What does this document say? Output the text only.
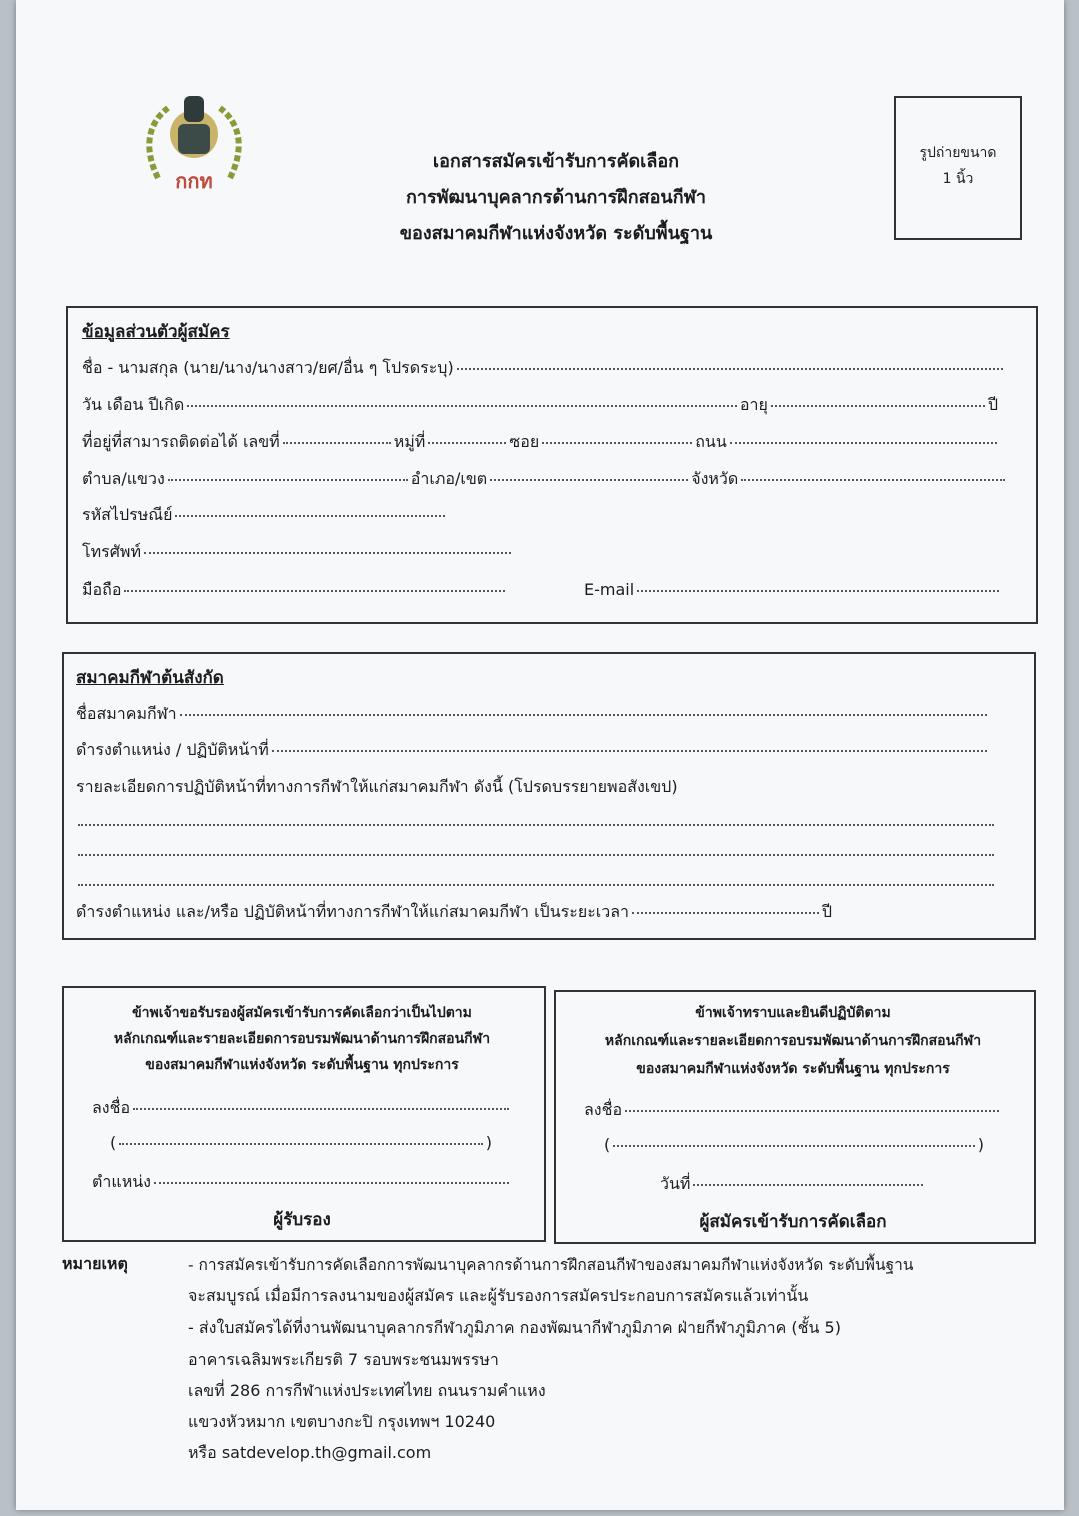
กกท
เอกสารสมัครเข้ารับการคัดเลือก
การพัฒนาบุคลากรด้านการฝึกสอนกีฬา
ของสมาคมกีฬาแห่งจังหวัด ระดับพื้นฐาน
รูปถ่ายขนาด
1 นิ้ว
ข้อมูลส่วนตัวผู้สมัคร
ชื่อ - นามสกุล (นาย/นาง/นางสาว/ยศ/อื่น ๆ โปรดระบุ)
วัน เดือน ปีเกิด	อายุ	ปี
ที่อยู่ที่สามารถติดต่อได้ เลขที่	หมู่ที่	ซอย	ถนน
ตำบล/แขวง	อำเภอ/เขต	จังหวัด
รหัสไปรษณีย์
โทรศัพท์
มือถือ	E-mail
สมาคมกีฬาต้นสังกัด
ชื่อสมาคมกีฬา
ดำรงตำแหน่ง / ปฏิบัติหน้าที่
รายละเอียดการปฏิบัติหน้าที่ทางการกีฬาให้แก่สมาคมกีฬา ดังนี้ (โปรดบรรยายพอสังเขป)
ดำรงตำแหน่ง และ/หรือ ปฏิบัติหน้าที่ทางการกีฬาให้แก่สมาคมกีฬา เป็นระยะเวลา	ปี
ข้าพเจ้าขอรับรองผู้สมัครเข้ารับการคัดเลือกว่าเป็นไปตาม
หลักเกณฑ์และรายละเอียดการอบรมพัฒนาด้านการฝึกสอนกีฬา
ของสมาคมกีฬาแห่งจังหวัด ระดับพื้นฐาน ทุกประการ
ลงชื่อ
(	)
ตำแหน่ง
ผู้รับรอง
ข้าพเจ้าทราบและยินดีปฏิบัติตาม
หลักเกณฑ์และรายละเอียดการอบรมพัฒนาด้านการฝึกสอนกีฬา
ของสมาคมกีฬาแห่งจังหวัด ระดับพื้นฐาน ทุกประการ
ลงชื่อ
(	)
วันที่
ผู้สมัครเข้ารับการคัดเลือก
หมายเหตุ	- การสมัครเข้ารับการคัดเลือกการพัฒนาบุคลากรด้านการฝึกสอนกีฬาของสมาคมกีฬาแห่งจังหวัด ระดับพื้นฐาน
จะสมบูรณ์ เมื่อมีการลงนามของผู้สมัคร และผู้รับรองการสมัครประกอบการสมัครแล้วเท่านั้น
- ส่งใบสมัครได้ที่งานพัฒนาบุคลากรกีฬาภูมิภาค กองพัฒนากีฬาภูมิภาค ฝ่ายกีฬาภูมิภาค (ชั้น 5)
อาคารเฉลิมพระเกียรติ 7 รอบพระชนมพรรษา
เลขที่ 286 การกีฬาแห่งประเทศไทย ถนนรามคำแหง
แขวงหัวหมาก เขตบางกะปิ กรุงเทพฯ 10240
หรือ satdevelop.th@gmail.com
